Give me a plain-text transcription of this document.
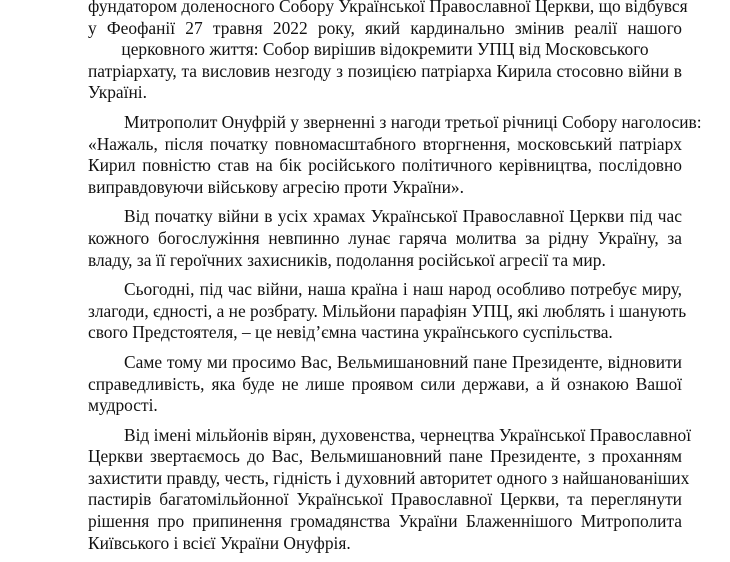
фундатором доленосного Собору Української Православної Церкви, що відбувся
у Феофанії 27 травня 2022 року, який кардинально змінив реалії нашого
церковного життя: Собор вирішив відокремити УПЦ від Московського
патріархату, та висловив незгоду з позицією патріарха Кирила стосовно війни в
Україні.
Митрополит Онуфрій у зверненні з нагоди третьої річниці Собору наголосив:
«Нажаль, після початку повномасштабного вторгнення, московський патріарх
Кирил повністю став на бік російського політичного керівництва, послідовно
виправдовуючи військову агресію проти України».
Від початку війни в усіх храмах Української Православної Церкви під час
кожного богослужіння невпинно лунає гаряча молитва за рідну Україну, за
владу, за її героїчних захисників, подолання російської агресії та мир.
Сьогодні, під час війни, наша країна і наш народ особливо потребує миру,
злагоди, єдності, а не розбрату. Мільйони парафіян УПЦ, які люблять і шанують
свого Предстоятеля, – це невід’ємна частина українського суспільства.
Саме тому ми просимо Вас, Вельмишановний пане Президенте, відновити
справедливість, яка буде не лише проявом сили держави, а й ознакою Вашої
мудрості.
Від імені мільйонів вірян, духовенства, чернецтва Української Православної
Церкви звертаємось до Вас, Вельмишановний пане Президенте, з проханням
захистити правду, честь, гідність і духовний авторитет одного з найшанованіших
пастирів багатомільйонної Української Православної Церкви, та переглянути
рішення про припинення громадянства України Блаженнішого Митрополита
Київського і всієї України Онуфрія.
